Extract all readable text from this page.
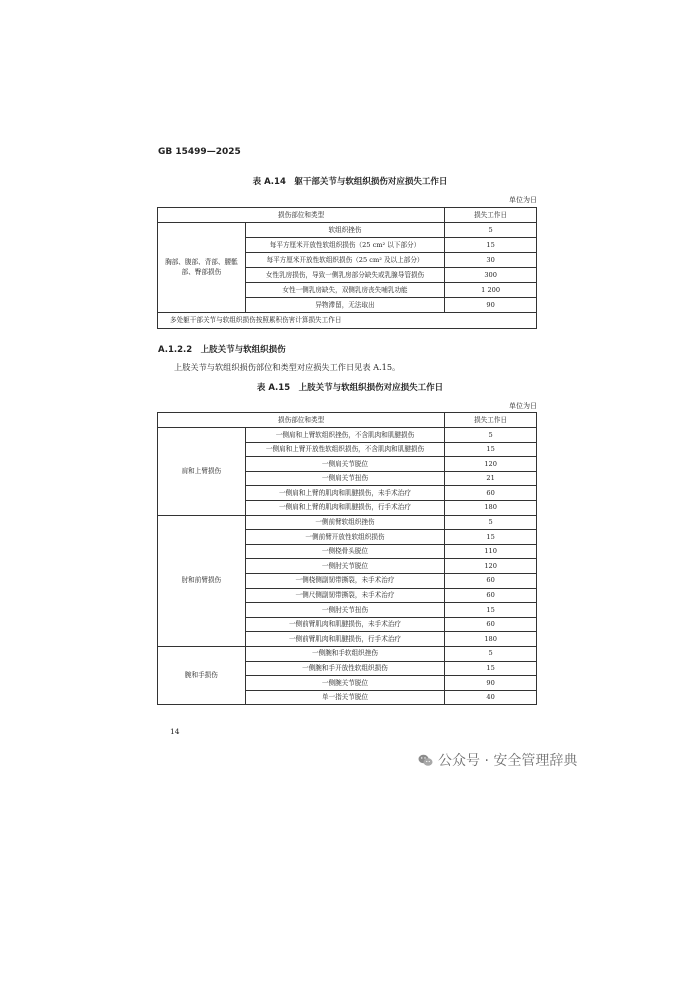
GB 15499—2025
表 A.14　躯干部关节与软组织损伤对应损失工作日
单位为日
损伤部位和类型		损失工作日
胸部、腹部、背部、腰骶部、臀部损伤	软组织挫伤	5
	每平方厘米开放性软组织损伤（25 cm² 以下部分）	15
	每平方厘米开放性软组织损伤（25 cm² 及以上部分）	30
	女性乳房损伤，导致一侧乳房部分缺失或乳腺导管损伤	300
	女性一侧乳房缺失，双侧乳房丧失哺乳功能	1 200
	异物滞留，无法取出	90
多处躯干部关节与软组织损伤按照累积伤害计算损失工作日		
A.1.2.2　上肢关节与软组织损伤
上肢关节与软组织损伤部位和类型对应损失工作日见表 A.15。
表 A.15　上肢关节与软组织损伤对应损失工作日
单位为日
损伤部位和类型		损失工作日
肩和上臂损伤	一侧肩和上臂软组织挫伤，不含肌肉和肌腱损伤	5
	一侧肩和上臂开放性软组织损伤，不含肌肉和肌腱损伤	15
	一侧肩关节脱位	120
	一侧肩关节扭伤	21
	一侧肩和上臂的肌肉和肌腱损伤，未手术治疗	60
	一侧肩和上臂的肌肉和肌腱损伤，行手术治疗	180
肘和前臂损伤	一侧前臂软组织挫伤	5
	一侧前臂开放性软组织损伤	15
	一侧桡骨头脱位	110
	一侧肘关节脱位	120
	一侧桡侧副韧带撕裂，未手术治疗	60
	一侧尺侧副韧带撕裂，未手术治疗	60
	一侧肘关节扭伤	15
	一侧前臂肌肉和肌腱损伤，未手术治疗	60
	一侧前臂肌肉和肌腱损伤，行手术治疗	180
腕和手损伤	一侧腕和手软组织挫伤	5
	一侧腕和手开放性软组织损伤	15
	一侧腕关节脱位	90
	单一指关节脱位	40
14
公众号 · 安全管理辞典
